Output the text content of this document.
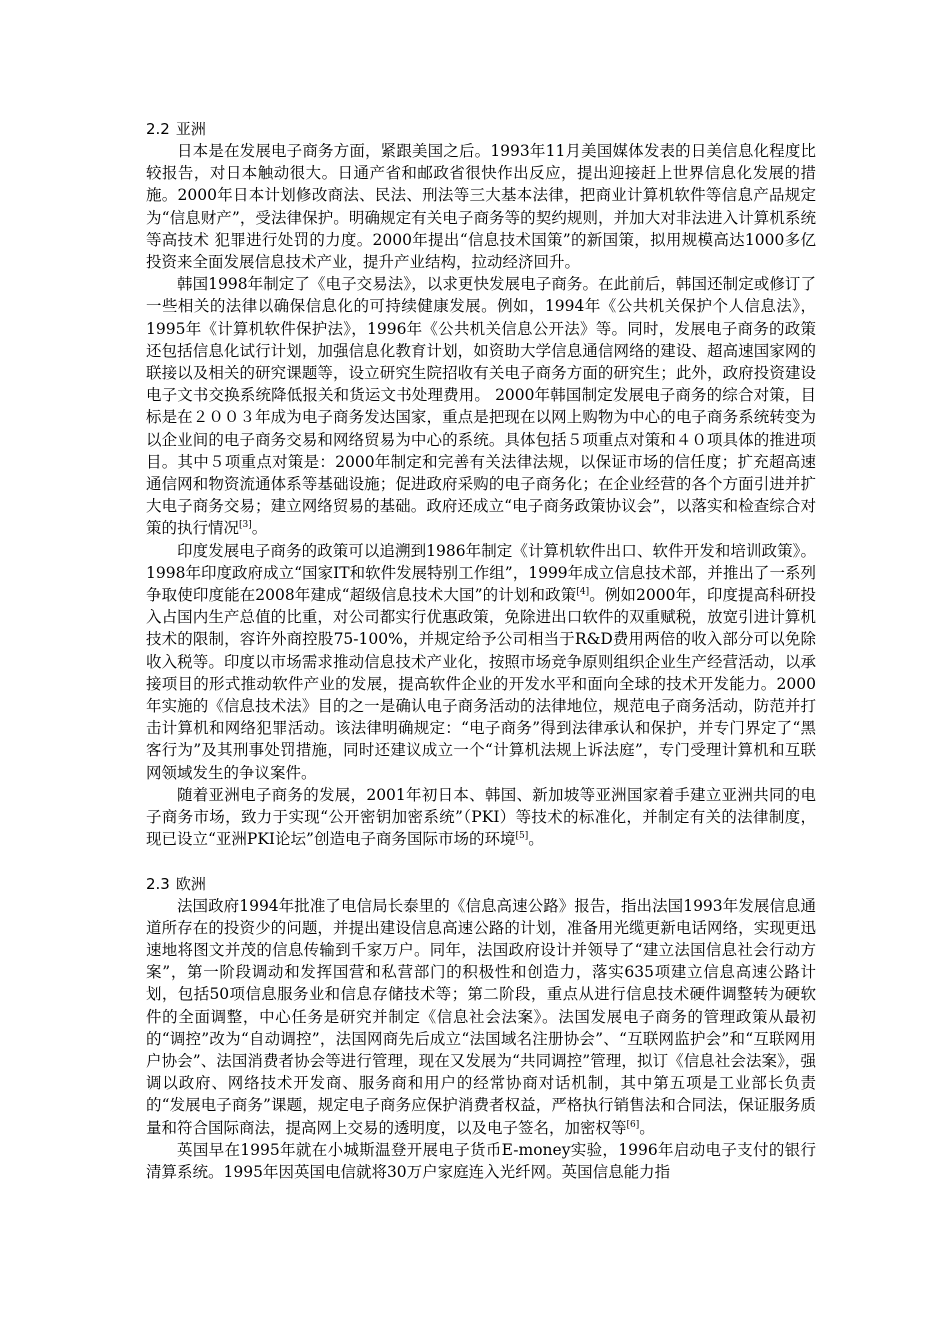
2.2 亚洲

日本是在发展电子商务方面，紧跟美国之后。1993年11月美国媒体发表的日美信息化程度比较报告，对日本触动很大。日通产省和邮政省很快作出反应，提出迎接赶上世界信息化发展的措施。2000年日本计划修改商法、民法、刑法等三大基本法律，把商业计算机软件等信息产品规定为“信息财产”，受法律保护。明确规定有关电子商务等的契约规则，并加大对非法进入计算机系统等高技术 犯罪进行处罚的力度。2000年提出“信息技术国策”的新国策，拟用规模高达1000多亿投资来全面发展信息技术产业，提升产业结构，拉动经济回升。

韩国1998年制定了《电子交易法》，以求更快发展电子商务。在此前后，韩国还制定或修订了一些相关的法律以确保信息化的可持续健康发展。例如，1994年《公共机关保护个人信息法》，1995年《计算机软件保护法》，1996年《公共机关信息公开法》等。同时，发展电子商务的政策还包括信息化试行计划，加强信息化教育计划，如资助大学信息通信网络的建设、超高速国家网的联接以及相关的研究课题等，设立研究生院招收有关电子商务方面的研究生；此外，政府投资建设电子文书交换系统降低报关和货运文书处理费用。 2000年韩国制定发展电子商务的综合对策，目标是在２００３年成为电子商务发达国家，重点是把现在以网上购物为中心的电子商务系统转变为以企业间的电子商务交易和网络贸易为中心的系统。具体包括５项重点对策和４０项具体的推进项目。其中５项重点对策是：2000年制定和完善有关法律法规，以保证市场的信任度；扩充超高速通信网和物资流通体系等基础设施；促进政府采购的电子商务化；在企业经营的各个方面引进并扩大电子商务交易；建立网络贸易的基础。政府还成立“电子商务政策协议会”，以落实和检查综合对策的执行情况[3]。

印度发展电子商务的政策可以追溯到1986年制定《计算机软件出口、软件开发和培训政策》。1998年印度政府成立“国家IT和软件发展特别工作组”，1999年成立信息技术部，并推出了一系列争取使印度能在2008年建成“超级信息技术大国”的计划和政策[4]。例如2000年，印度提高科研投入占国内生产总值的比重，对公司都实行优惠政策，免除进出口软件的双重赋税，放宽引进计算机技术的限制，容许外商控股75-100%，并规定给予公司相当于R&D费用两倍的收入部分可以免除收入税等。印度以市场需求推动信息技术产业化，按照市场竞争原则组织企业生产经营活动，以承接项目的形式推动软件产业的发展，提高软件企业的开发水平和面向全球的技术开发能力。2000年实施的《信息技术法》目的之一是确认电子商务活动的法律地位，规范电子商务活动，防范并打击计算机和网络犯罪活动。该法律明确规定：“电子商务”得到法律承认和保护，并专门界定了“黑客行为”及其刑事处罚措施，同时还建议成立一个“计算机法规上诉法庭”，专门受理计算机和互联网领域发生的争议案件。

随着亚洲电子商务的发展，2001年初日本、韩国、新加坡等亚洲国家着手建立亚洲共同的电子商务市场，致力于实现“公开密钥加密系统”（PKI）等技术的标准化，并制定有关的法律制度，现已设立“亚洲PKI论坛”创造电子商务国际市场的环境[5]。

2.3 欧洲

法国政府1994年批准了电信局长泰里的《信息高速公路》报告，指出法国1993年发展信息通道所存在的投资少的问题，并提出建设信息高速公路的计划，准备用光缆更新电话网络，实现更迅速地将图文并茂的信息传输到千家万户。同年，法国政府设计并领导了“建立法国信息社会行动方案”，第一阶段调动和发挥国营和私营部门的积极性和创造力，落实635项建立信息高速公路计划，包括50项信息服务业和信息存储技术等；第二阶段，重点从进行信息技术硬件调整转为硬软件的全面调整，中心任务是研究并制定《信息社会法案》。法国发展电子商务的管理政策从最初的“调控”改为“自动调控”，法国网商先后成立“法国域名注册协会”、“互联网监护会”和“互联网用户协会”、法国消费者协会等进行管理，现在又发展为“共同调控”管理，拟订《信息社会法案》，强调以政府、网络技术开发商、服务商和用户的经常协商对话机制，其中第五项是工业部长负责的“发展电子商务”课题，规定电子商务应保护消费者权益，严格执行销售法和合同法，保证服务质量和符合国际商法，提高网上交易的透明度，以及电子签名，加密权等[6]。

英国早在1995年就在小城斯温登开展电子货币E-money实验，1996年启动电子支付的银行清算系统。1995年因英国电信就将30万户家庭连入光纤网。英国信息能力指
